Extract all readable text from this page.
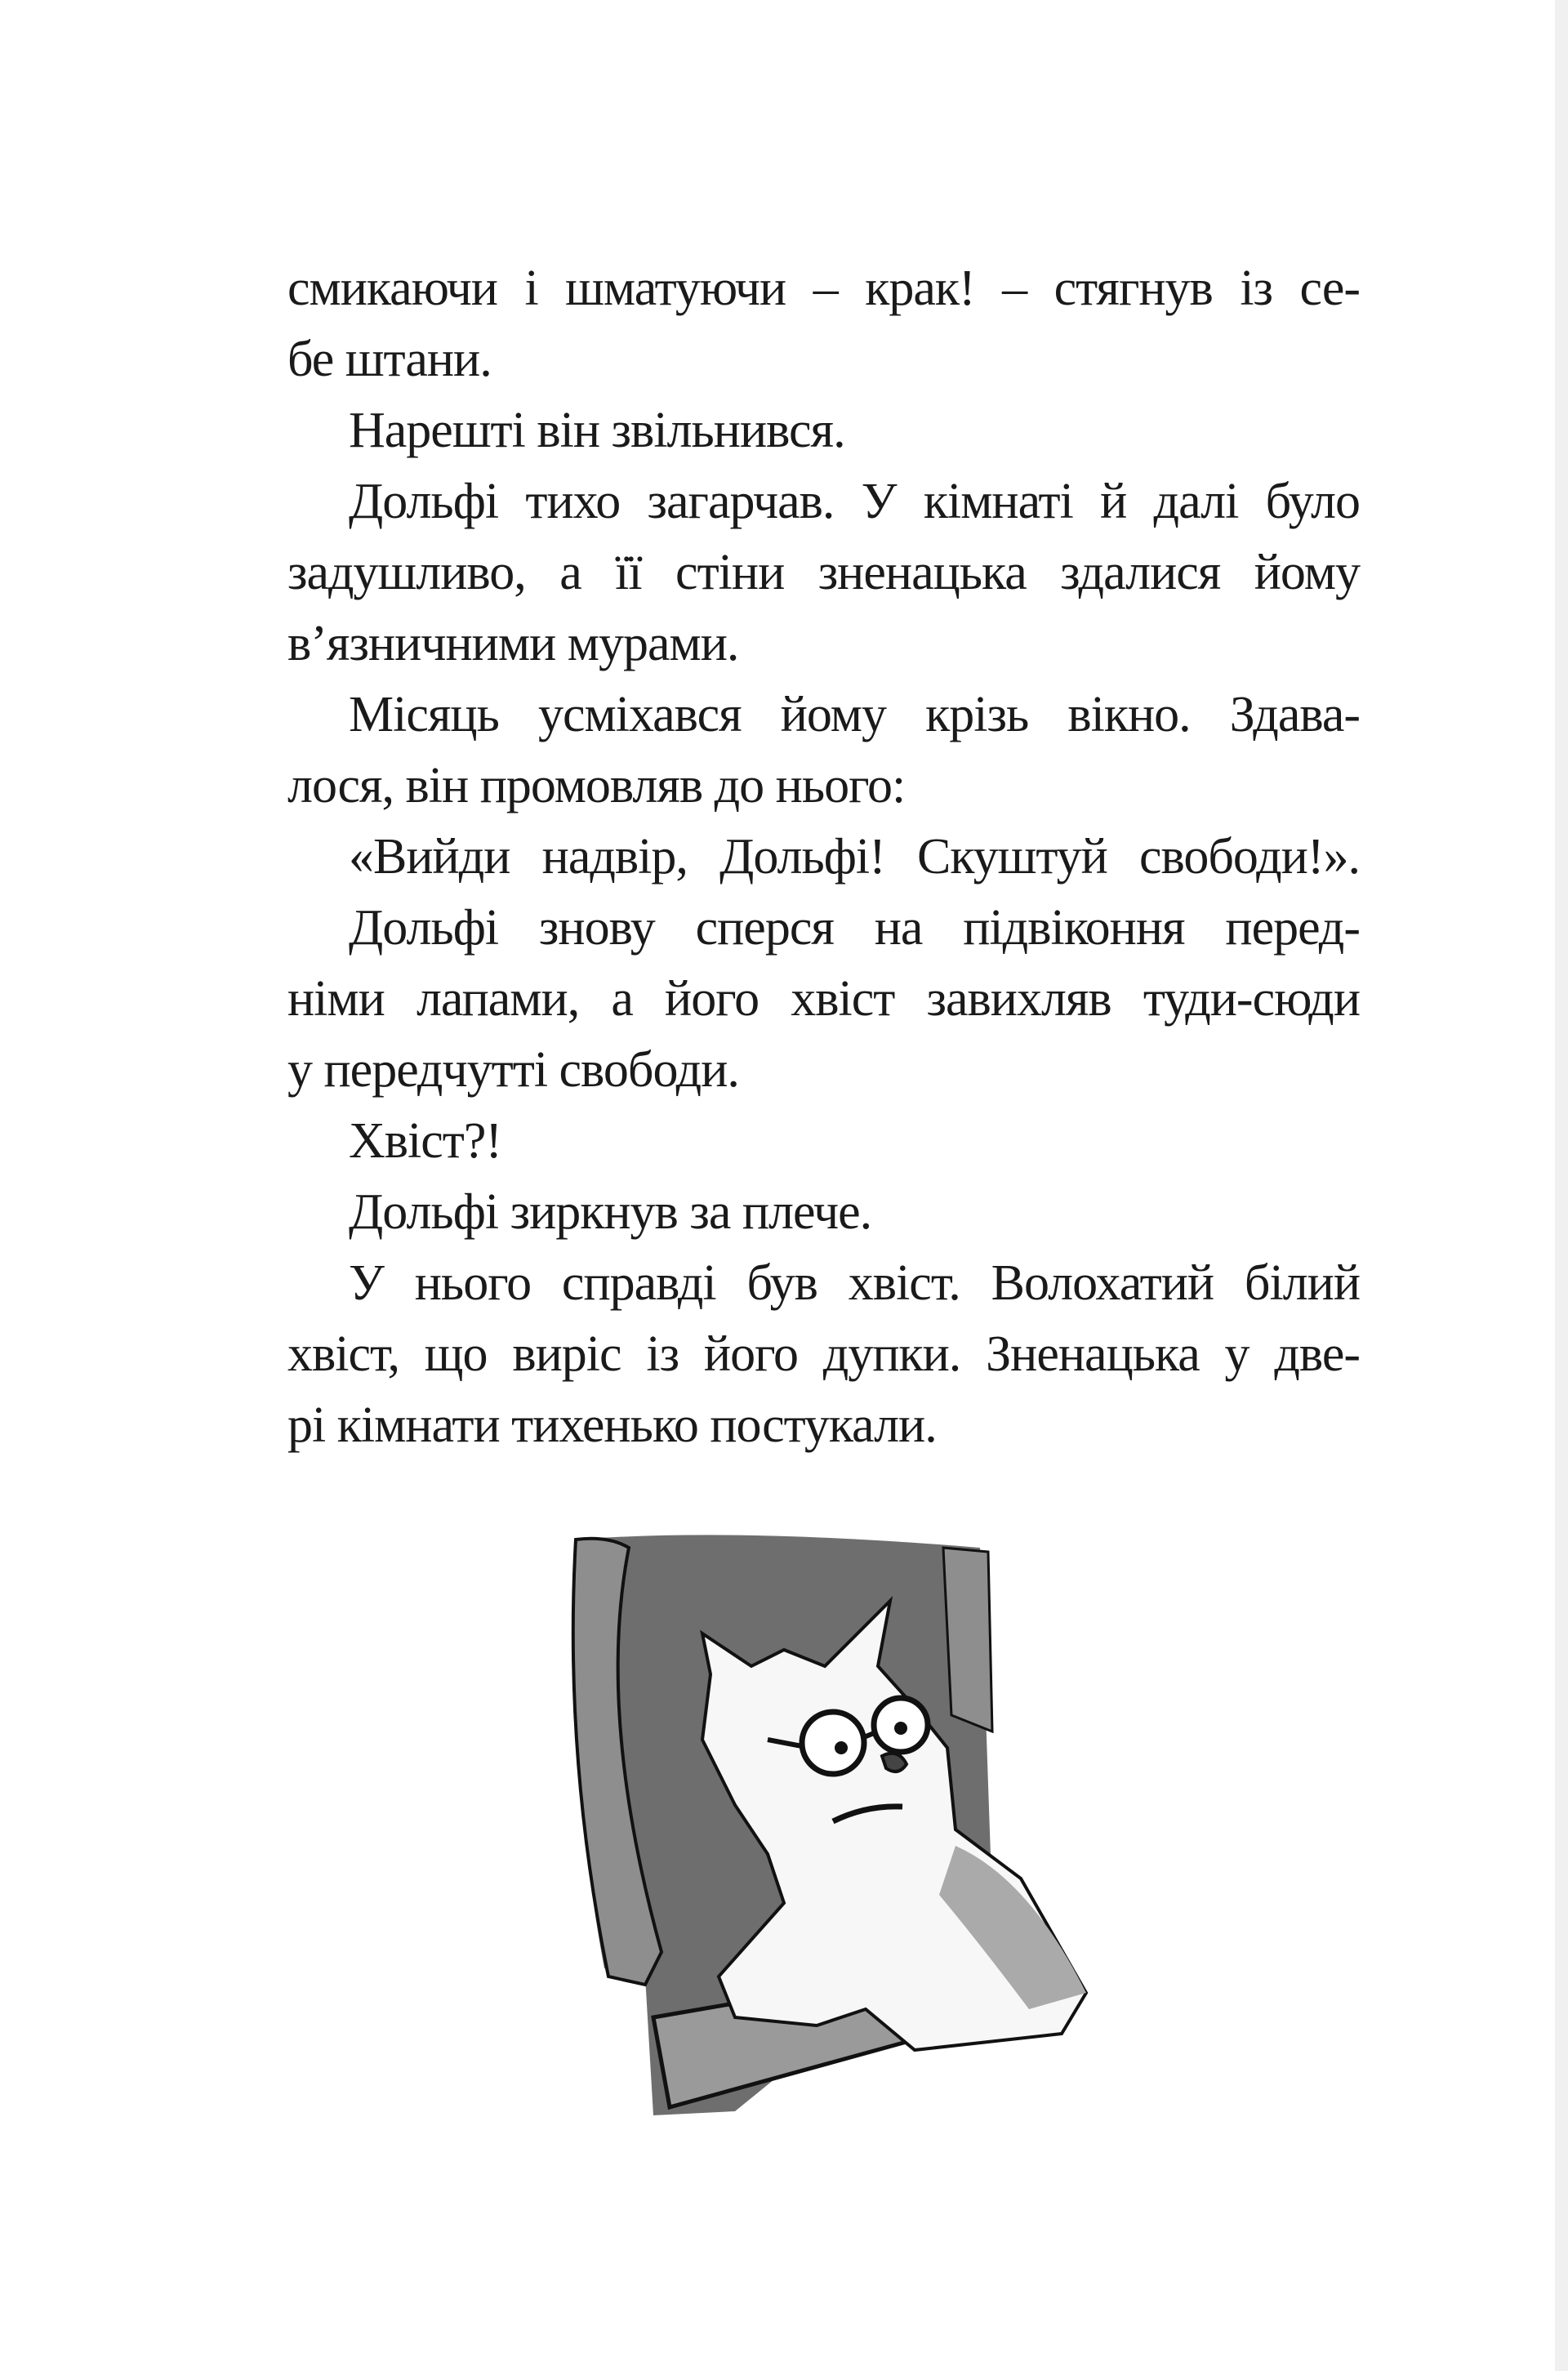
смикаючи і шматуючи – крак! – стягнув із се-
бе штани.
Нарешті він звільнився.
Дольфі тихо загарчав. У кімнаті й далі було
задушливо, а її стіни зненацька здалися йому
в’язничними мурами.
Місяць усміхався йому крізь вікно. Здава-
лося, він промовляв до нього:
«Вийди надвір, Дольфі! Скуштуй свободи!».
Дольфі знову сперся на підвіконня перед-
німи лапами, а його хвіст завихляв туди-сюди
у передчутті свободи.
Хвіст?!
Дольфі зиркнув за плече.
У нього справді був хвіст. Волохатий білий
хвіст, що виріс із його дупки. Зненацька у две-
рі кімнати тихенько постукали.
